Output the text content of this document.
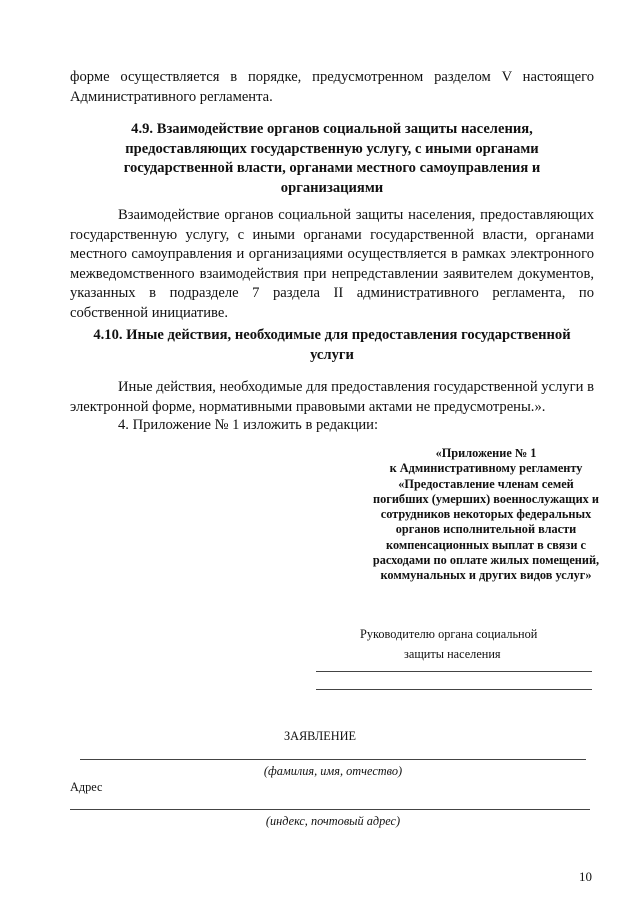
форме осуществляется в порядке, предусмотренном разделом V настоящего Административного регламента.

4.9. Взаимодействие органов социальной защиты населения, предоставляющих государственную услугу, с иными органами государственной власти, органами местного самоуправления и организациями

Взаимодействие органов социальной защиты населения, предоставляющих государственную услугу, с иными органами государственной власти, органами местного самоуправления и организациями осуществляется в рамках электронного межведомственного взаимодействия при непредставлении заявителем документов, указанных в подразделе 7 раздела II административного регламента, по собственной инициативе.

4.10. Иные действия, необходимые для предоставления государственной услуги

Иные действия, необходимые для предоставления государственной услуги в электронной форме, нормативными правовыми актами не предусмотрены.».

4. Приложение № 1 изложить в редакции:

«Приложение № 1
к Административному регламенту
«Предоставление членам семей погибших (умерших) военнослужащих и сотрудников некоторых федеральных органов исполнительной власти компенсационных выплат в связи с расходами по оплате жилых помещений, коммунальных и других видов услуг»

Руководителю органа социальной

защиты населения

ЗАЯВЛЕНИЕ

(фамилия, имя, отчество)

Адрес

(индекс, почтовый адрес)

10
